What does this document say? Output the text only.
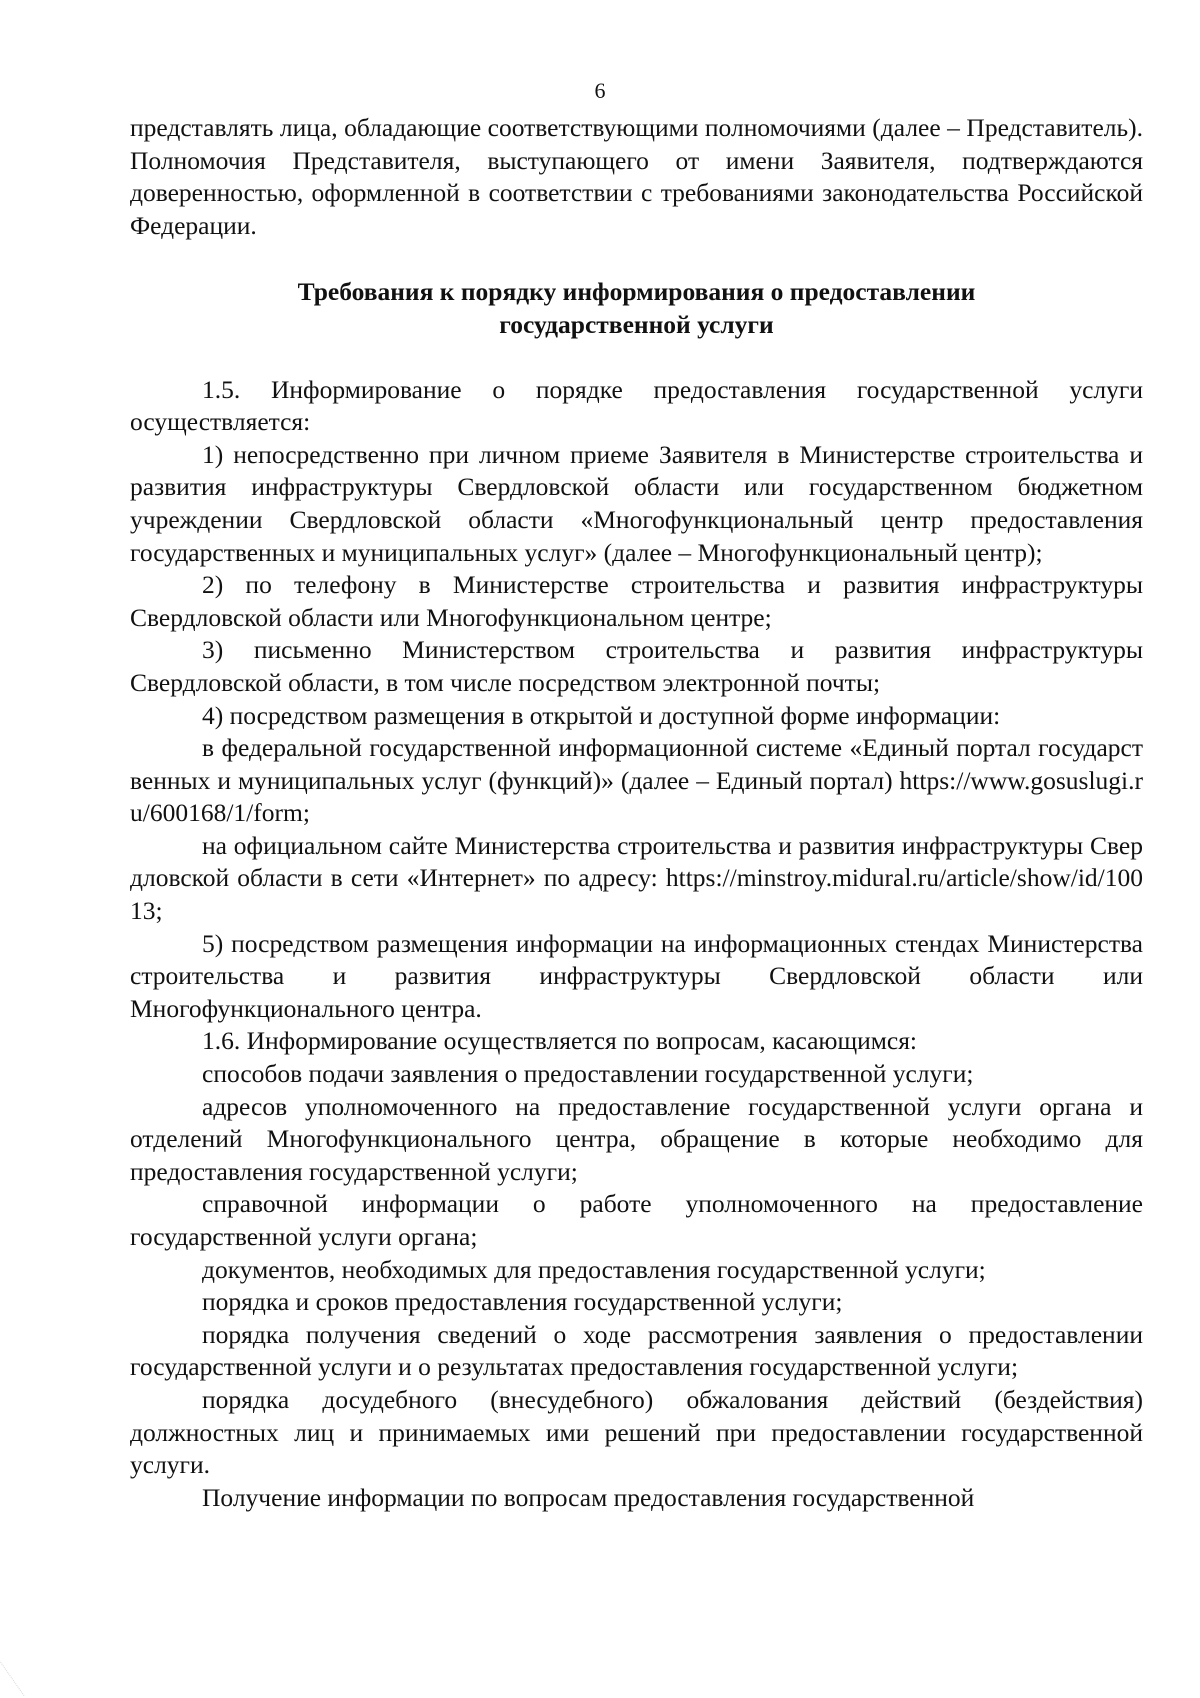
6

представлять лица, обладающие соответствующими полномочиями (далее – Представитель). Полномочия Представителя, выступающего от имени Заявителя, подтверждаются доверенностью, оформленной в соответствии с требованиями законодательства Российской Федерации.

Требования к порядку информирования о предоставлении
государственной услуги

1.5. Информирование о порядке предоставления государственной услуги осуществляется:

1) непосредственно при личном приеме Заявителя в Министерстве строительства и развития инфраструктуры Свердловской области или государственном бюджетном учреждении Свердловской области «Многофункциональный центр предоставления государственных и муниципальных услуг» (далее – Многофункциональный центр);

2) по телефону в Министерстве строительства и развития инфраструктуры Свердловской области или Многофункциональном центре;

3) письменно Министерством строительства и развития инфраструктуры Свердловской области, в том числе посредством электронной почты;

4) посредством размещения в открытой и доступной форме информации:

в федеральной государственной информационной системе «Единый портал государственных и муниципальных услуг (функций)» (далее – Единый портал) https://www.gosuslugi.ru/600168/1/form;

на официальном сайте Министерства строительства и развития инфраструктуры Свердловской области в сети «Интернет» по адресу: https://minstroy.midural.ru/article/show/id/10013;

5) посредством размещения информации на информационных стендах Министерства строительства и развития инфраструктуры Свердловской области или Многофункционального центра.

1.6. Информирование осуществляется по вопросам, касающимся:

способов подачи заявления о предоставлении государственной услуги;

адресов уполномоченного на предоставление государственной услуги органа и отделений Многофункционального центра, обращение в которые необходимо для предоставления государственной услуги;

справочной информации о работе уполномоченного на предоставление государственной услуги органа;

документов, необходимых для предоставления государственной услуги;

порядка и сроков предоставления государственной услуги;

порядка получения сведений о ходе рассмотрения заявления о предоставлении государственной услуги и о результатах предоставления государственной услуги;

порядка досудебного (внесудебного) обжалования действий (бездействия) должностных лиц и принимаемых ими решений при предоставлении государственной услуги.

Получение информации по вопросам предоставления государственной
